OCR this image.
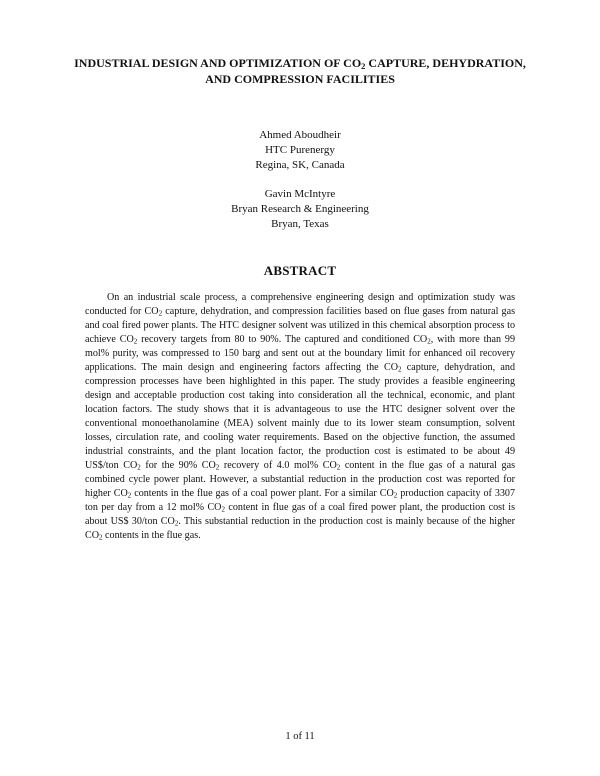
INDUSTRIAL DESIGN AND OPTIMIZATION OF $CO_2$ CAPTURE, DEHYDRATION, AND COMPRESSION FACILITIES
Ahmed Aboudheir
HTC Purenergy
Regina, SK, Canada
Gavin McIntyre
Bryan Research & Engineering
Bryan, Texas
ABSTRACT

On an industrial scale process, a comprehensive engineering design and optimization study was conducted for $CO_2$ capture, dehydration, and compression facilities based on flue gases from natural gas and coal fired power plants. The HTC designer solvent was utilized in this chemical absorption process to achieve $CO_2$ recovery targets from 80 to 90%. The captured and conditioned $CO_2$, with more than 99 mol% purity, was compressed to 150 barg and sent out at the boundary limit for enhanced oil recovery applications. The main design and engineering factors affecting the $CO_2$ capture, dehydration, and compression processes have been highlighted in this paper. The study provides a feasible engineering design and acceptable production cost taking into consideration all the technical, economic, and plant location factors. The study shows that it is advantageous to use the HTC designer solvent over the conventional monoethanolamine (MEA) solvent mainly due to its lower steam consumption, solvent losses, circulation rate, and cooling water requirements. Based on the objective function, the assumed industrial constraints, and the plant location factor, the production cost is estimated to be about 49 US$/ton $CO_2$ for the 90% $CO_2$ recovery of 4.0 mol% $CO_2$ content in the flue gas of a natural gas combined cycle power plant. However, a substantial reduction in the production cost was reported for higher $CO_2$ contents in the flue gas of a coal power plant. For a similar $CO_2$ production capacity of 3307 ton per day from a 12 mol% $CO_2$ content in flue gas of a coal fired power plant, the production cost is about US$ 30/ton $CO_2$. This substantial reduction in the production cost is mainly because of the higher $CO_2$ contents in the flue gas.

1 of 11
